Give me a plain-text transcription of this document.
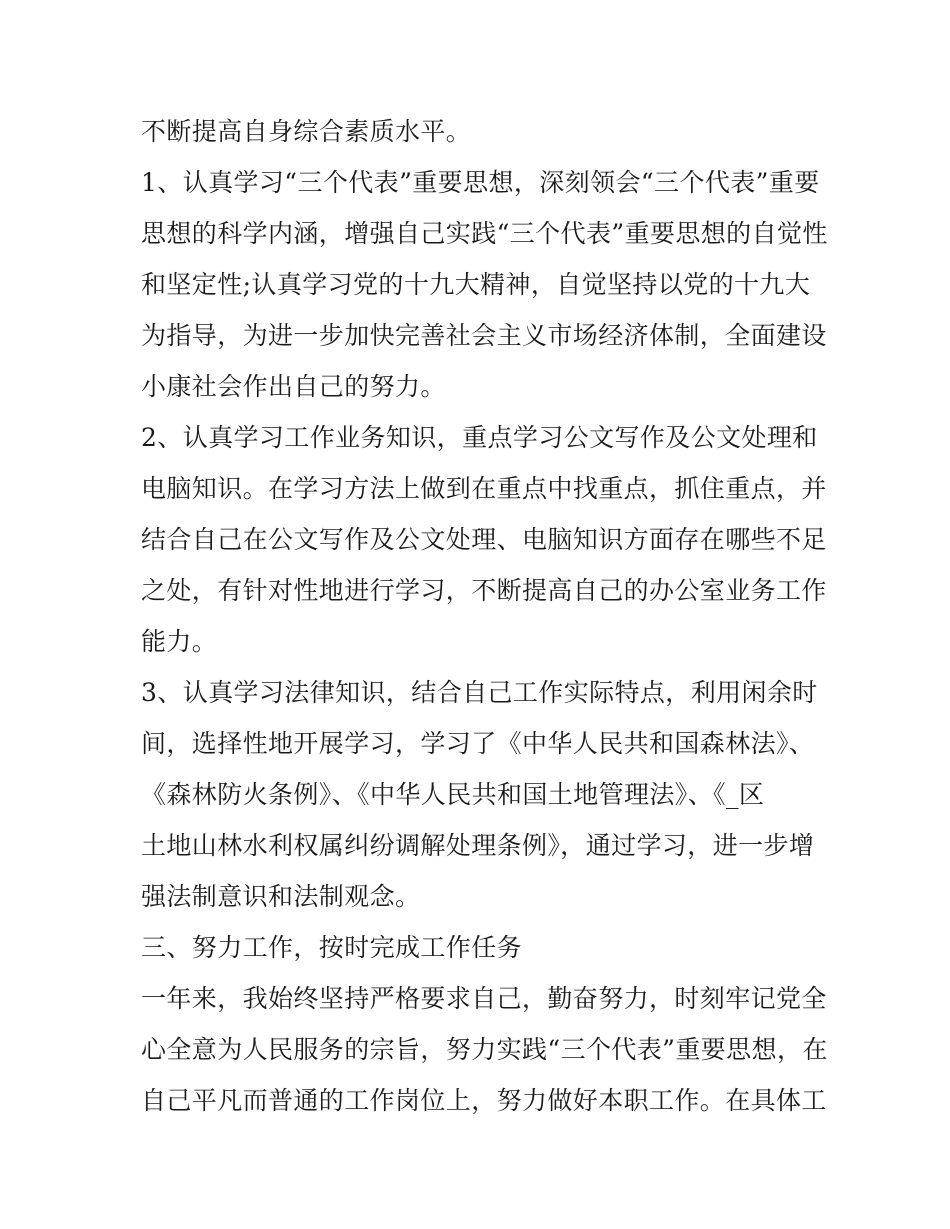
不断提高自身综合素质水平。
1、认真学习“三个代表”重要思想，深刻领会“三个代表”重要
思想的科学内涵，增强自己实践“三个代表”重要思想的自觉性
和坚定性;认真学习党的十九大精神，自觉坚持以党的十九大
为指导，为进一步加快完善社会主义市场经济体制，全面建设
小康社会作出自己的努力。
2、认真学习工作业务知识，重点学习公文写作及公文处理和
电脑知识。在学习方法上做到在重点中找重点，抓住重点，并
结合自己在公文写作及公文处理、电脑知识方面存在哪些不足
之处，有针对性地进行学习，不断提高自己的办公室业务工作
能力。
3、认真学习法律知识，结合自己工作实际特点，利用闲余时
间，选择性地开展学习，学习了《中华人民共和国森林法》、
《森林防火条例》、《中华人民共和国土地管理法》、《_区
土地山林水利权属纠纷调解处理条例》，通过学习，进一步增
强法制意识和法制观念。
三、努力工作，按时完成工作任务
一年来，我始终坚持严格要求自己，勤奋努力，时刻牢记党全
心全意为人民服务的宗旨，努力实践“三个代表”重要思想，在
自己平凡而普通的工作岗位上，努力做好本职工作。在具体工
